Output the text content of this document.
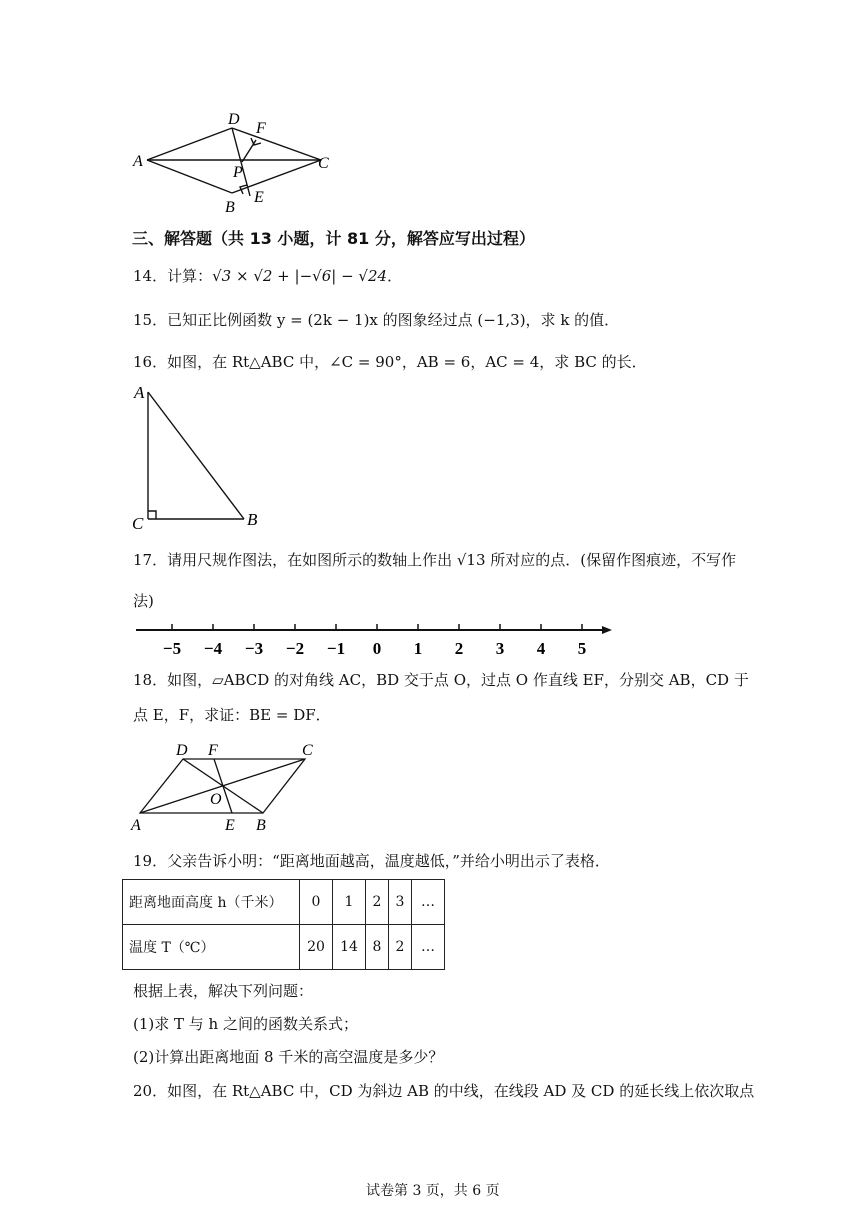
D
F
A	C
P
E
B
三、解答题（共 13 小题，计 81 分，解答应写出过程）
14．计算：√3 × √2 + |−√6| − √24．
15．已知正比例函数 y = (2k − 1)x 的图象经过点 (−1,3)，求 k 的值．
16．如图，在 Rt△ABC 中，∠C = 90°，AB = 6，AC = 4，求 BC 的长．
A
C	B
17．请用尺规作图法，在如图所示的数轴上作出 √13 所对应的点．(保留作图痕迹，不写作
法)
−5 −4 −3 −2 −1 0 1 2 3 4 5
18．如图，▱ABCD 的对角线 AC，BD 交于点 O，过点 O 作直线 EF，分别交 AB，CD 于
点 E，F，求证：BE = DF．
D F	C
O
A	E B
19．父亲告诉小明：“距离地面越高，温度越低，”并给小明出示了表格．
距离地面高度 h（千米）	0	1	2	3	…
温度 T（℃）	20	14	8	2	…
根据上表，解决下列问题：
(1)求 T 与 h 之间的函数关系式；
(2)计算出距离地面 8 千米的高空温度是多少？
20．如图，在 Rt△ABC 中，CD 为斜边 AB 的中线，在线段 AD 及 CD 的延长线上依次取点
试卷第 3 页，共 6 页
